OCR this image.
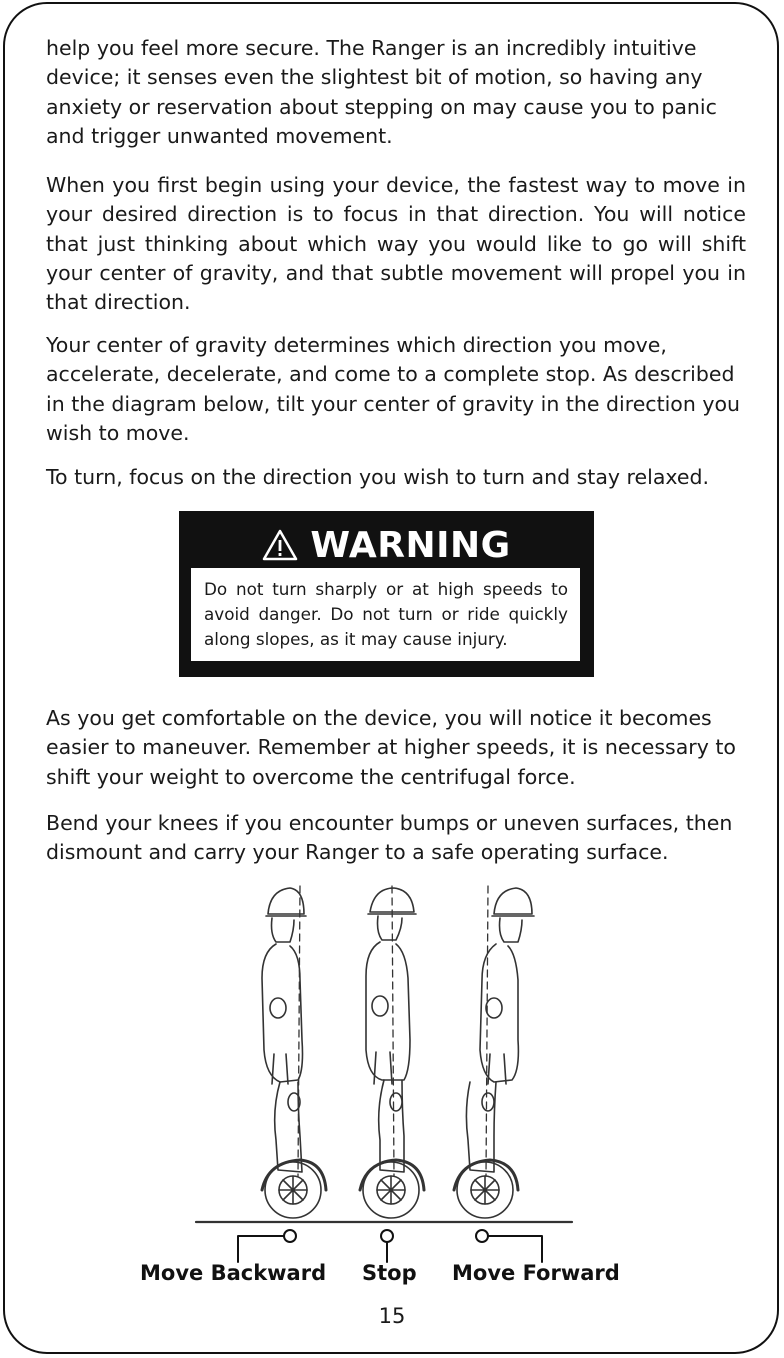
help you feel more secure. The Ranger is an incredibly intuitive device; it senses even the slightest bit of motion, so having any anxiety or reservation about stepping on may cause you to panic and trigger unwanted movement.

When you first begin using your device, the fastest way to move in your desired direction is to focus in that direction. You will notice that just thinking about which way you would like to go will shift your center of gravity, and that subtle movement will propel you in that direction.

Your center of gravity determines which direction you move, accelerate, decelerate, and come to a complete stop. As described in the diagram below, tilt your center of gravity in the direction you wish to move.

To turn, focus on the direction you wish to turn and stay relaxed.

WARNING
Do not turn sharply or at high speeds to avoid danger. Do not turn or ride quickly along slopes, as it may cause injury.

As you get comfortable on the device, you will notice it becomes easier to maneuver. Remember at higher speeds, it is necessary to shift your weight to overcome the centrifugal force.

Bend your knees if you encounter bumps or uneven surfaces, then dismount and carry your Ranger to a safe operating surface.

Move Backward Stop Move Forward
15
